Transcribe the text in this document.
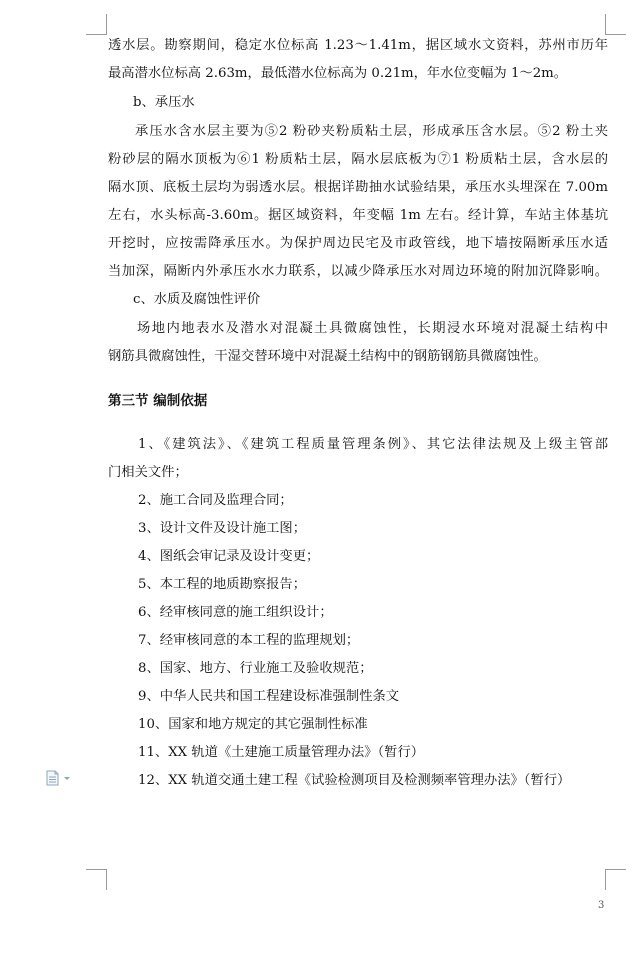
透水层。勘察期间，稳定水位标高 1.23～1.41m，据区域水文资料，苏州市历年
最高潜水位标高 2.63m，最低潜水位标高为 0.21m，年水位变幅为 1～2m。
b、承压水
承压水含水层主要为⑤2 粉砂夹粉质粘土层，形成承压含水层。⑤2 粉土夹
粉砂层的隔水顶板为⑥1 粉质粘土层，隔水层底板为⑦1 粉质粘土层，含水层的
隔水顶、底板土层均为弱透水层。根据详勘抽水试验结果，承压水头埋深在 7.00m
左右，水头标高-3.60m。据区域资料，年变幅 1m 左右。经计算，车站主体基坑
开挖时，应按需降承压水。为保护周边民宅及市政管线，地下墙按隔断承压水适
当加深，隔断内外承压水水力联系，以减少降承压水对周边环境的附加沉降影响。
c、水质及腐蚀性评价
场地内地表水及潜水对混凝土具微腐蚀性，长期浸水环境对混凝土结构中
钢筋具微腐蚀性，干湿交替环境中对混凝土结构中的钢筋钢筋具微腐蚀性。
第三节 编制依据
1、《建筑法》、《建筑工程质量管理条例》、其它法律法规及上级主管部
门相关文件；
2、施工合同及监理合同；
3、设计文件及设计施工图；
4、图纸会审记录及设计变更；
5、本工程的地质勘察报告；
6、经审核同意的施工组织设计；
7、经审核同意的本工程的监理规划；
8、国家、地方、行业施工及验收规范；
9、中华人民共和国工程建设标准强制性条文
10、国家和地方规定的其它强制性标准
11、XX 轨道《土建施工质量管理办法》（暂行）
12、XX 轨道交通土建工程《试验检测项目及检测频率管理办法》（暂行）
3
